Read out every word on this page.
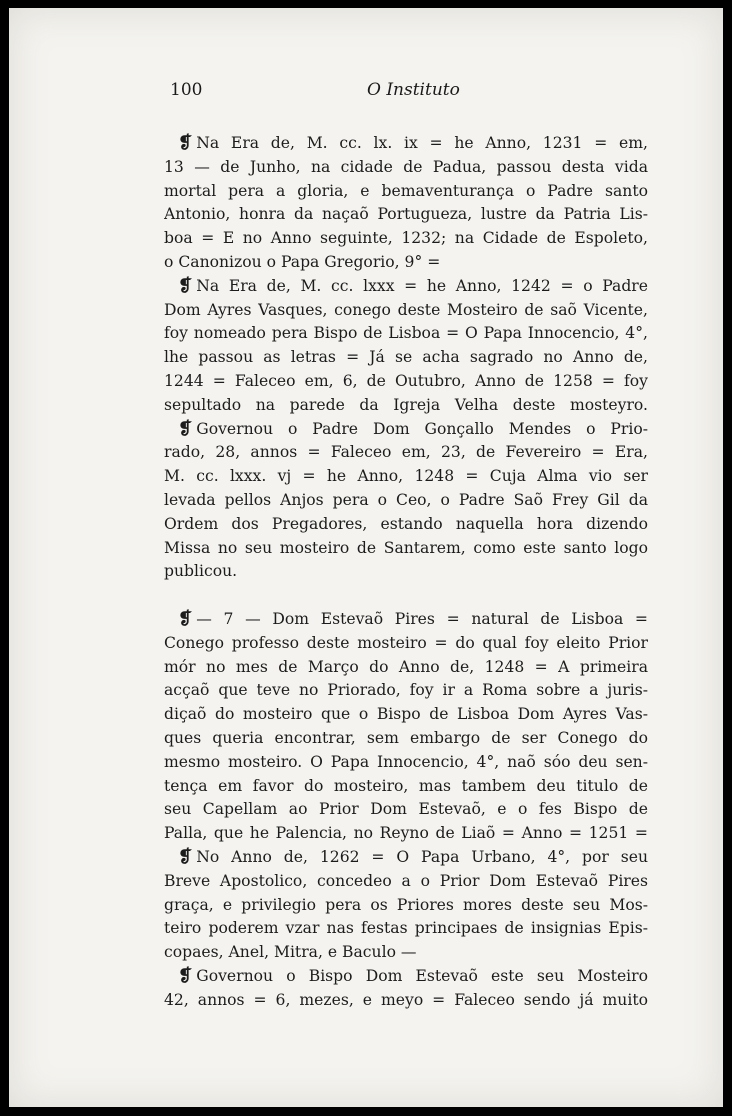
100	O Instituto
❡ Na Era de, M. cc. lx. ix = he Anno, 1231 = em,
13 — de Junho, na cidade de Padua, passou desta vida
mortal pera a gloria, e bemaventurança o Padre santo
Antonio, honra da naçaõ Portugueza, lustre da Patria Lis-
boa = E no Anno seguinte, 1232; na Cidade de Espoleto,
o Canonizou o Papa Gregorio, 9° =
❡ Na Era de, M. cc. lxxx = he Anno, 1242 = o Padre
Dom Ayres Vasques, conego deste Mosteiro de saõ Vicente,
foy nomeado pera Bispo de Lisboa = O Papa Innocencio, 4°,
lhe passou as letras = Já se acha sagrado no Anno de,
1244 = Faleceo em, 6, de Outubro, Anno de 1258 = foy
sepultado na parede da Igreja Velha deste mosteyro.
❡ Governou o Padre Dom Gonçallo Mendes o Prio-
rado, 28, annos = Faleceo em, 23, de Fevereiro = Era,
M. cc. lxxx. vj = he Anno, 1248 = Cuja Alma vio ser
levada pellos Anjos pera o Ceo, o Padre Saõ Frey Gil da
Ordem dos Pregadores, estando naquella hora dizendo
Missa no seu mosteiro de Santarem, como este santo logo
publicou.
❡ — 7 — Dom Estevaõ Pires = natural de Lisboa =
Conego professo deste mosteiro = do qual foy eleito Prior
mór no mes de Março do Anno de, 1248 = A primeira
acçaõ que teve no Priorado, foy ir a Roma sobre a juris-
diçaõ do mosteiro que o Bispo de Lisboa Dom Ayres Vas-
ques queria encontrar, sem embargo de ser Conego do
mesmo mosteiro. O Papa Innocencio, 4°, naõ sóo deu sen-
tença em favor do mosteiro, mas tambem deu titulo de
seu Capellam ao Prior Dom Estevaõ, e o fes Bispo de
Palla, que he Palencia, no Reyno de Liaõ = Anno = 1251 =
❡ No Anno de, 1262 = O Papa Urbano, 4°, por seu
Breve Apostolico, concedeo a o Prior Dom Estevaõ Pires
graça, e privilegio pera os Priores mores deste seu Mos-
teiro poderem vzar nas festas principaes de insignias Epis-
copaes, Anel, Mitra, e Baculo —
❡ Governou o Bispo Dom Estevaõ este seu Mosteiro
42, annos = 6, mezes, e meyo = Faleceo sendo já muito
